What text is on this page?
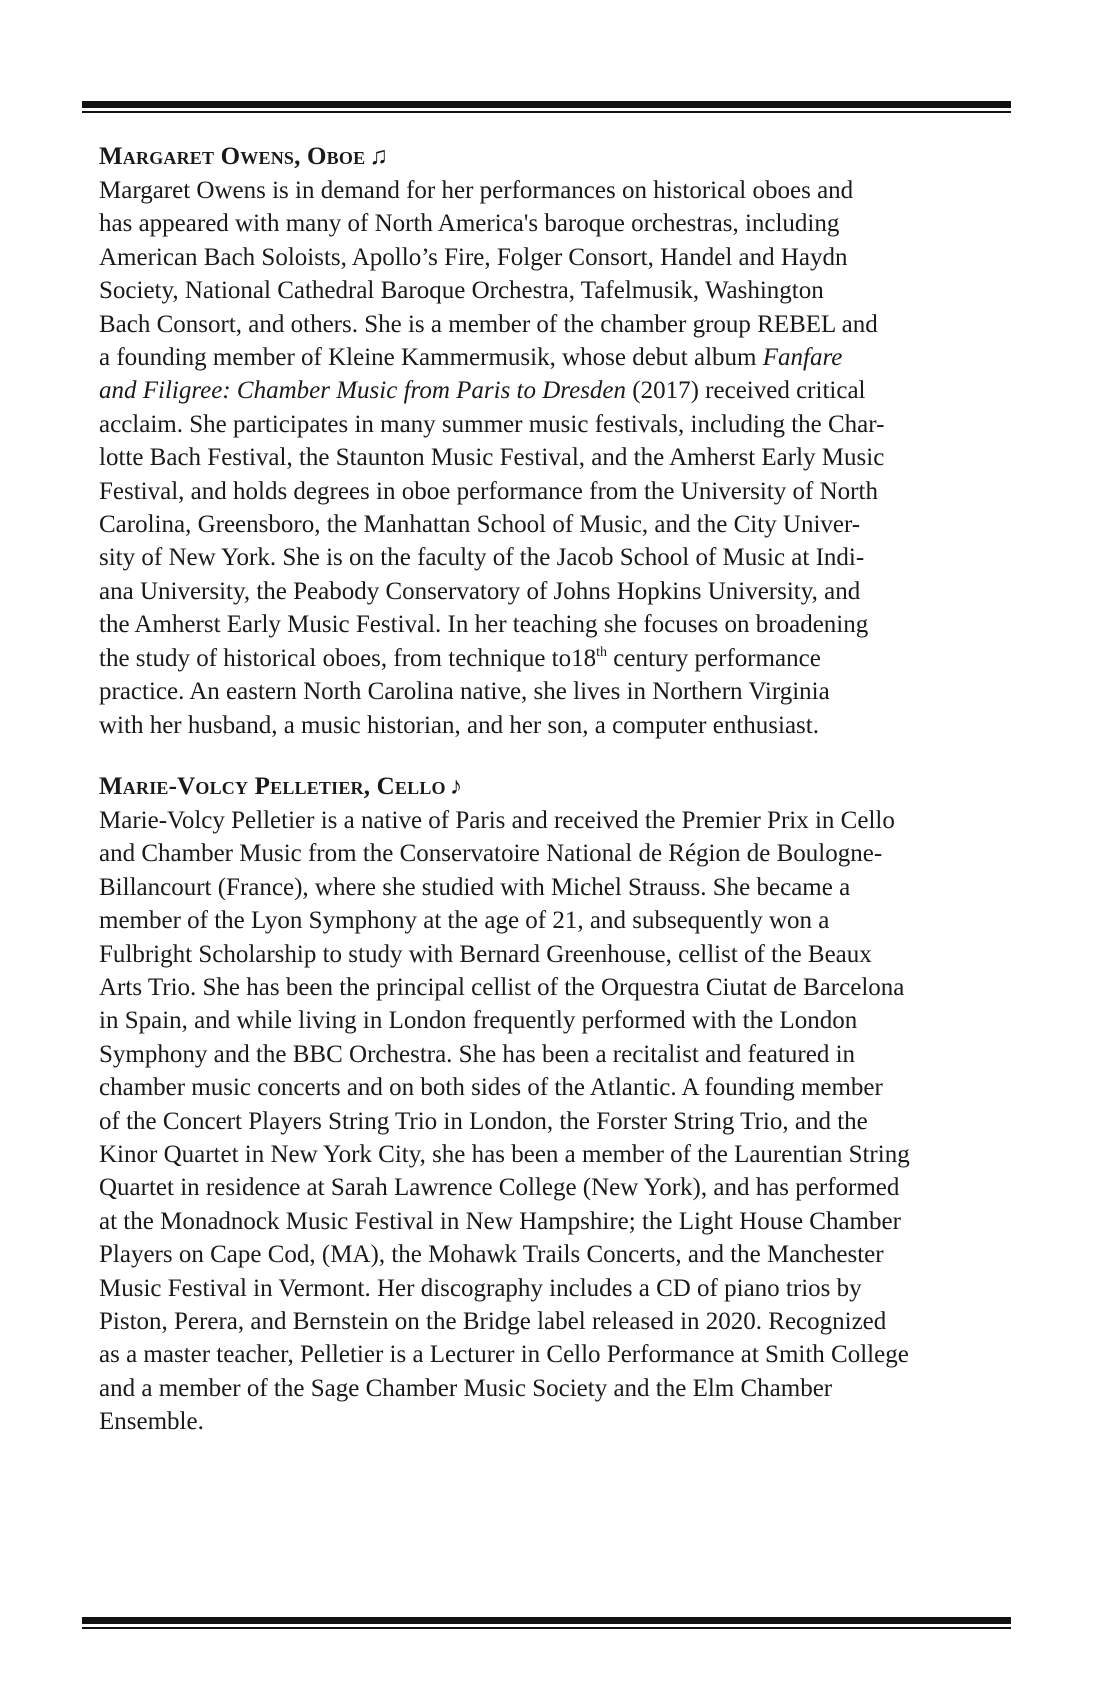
Margaret Owens, Oboe ♫

Margaret Owens is in demand for her performances on historical oboes and
has appeared with many of North America's baroque orchestras, including
American Bach Soloists, Apollo’s Fire, Folger Consort, Handel and Haydn
Society, National Cathedral Baroque Orchestra, Tafelmusik, Washington
Bach Consort, and others. She is a member of the chamber group REBEL and
a founding member of Kleine Kammermusik, whose debut album Fanfare
and Filigree: Chamber Music from Paris to Dresden (2017) received critical
acclaim. She participates in many summer music festivals, including the Char-
lotte Bach Festival, the Staunton Music Festival, and the Amherst Early Music
Festival, and holds degrees in oboe performance from the University of North
Carolina, Greensboro, the Manhattan School of Music, and the City Univer-
sity of New York. She is on the faculty of the Jacob School of Music at Indi-
ana University, the Peabody Conservatory of Johns Hopkins University, and
the Amherst Early Music Festival. In her teaching she focuses on broadening
the study of historical oboes, from technique to18th century performance
practice. An eastern North Carolina native, she lives in Northern Virginia
with her husband, a music historian, and her son, a computer enthusiast.

Marie-Volcy Pelletier, Cello ♪

Marie-Volcy Pelletier is a native of Paris and received the Premier Prix in Cello
and Chamber Music from the Conservatoire National de Région de Boulogne-
Billancourt (France), where she studied with Michel Strauss. She became a
member of the Lyon Symphony at the age of 21, and subsequently won a
Fulbright Scholarship to study with Bernard Greenhouse, cellist of the Beaux
Arts Trio. She has been the principal cellist of the Orquestra Ciutat de Barcelona
in Spain, and while living in London frequently performed with the London
Symphony and the BBC Orchestra. She has been a recitalist and featured in
chamber music concerts and on both sides of the Atlantic. A founding member
of the Concert Players String Trio in London, the Forster String Trio, and the
Kinor Quartet in New York City, she has been a member of the Laurentian String
Quartet in residence at Sarah Lawrence College (New York), and has performed
at the Monadnock Music Festival in New Hampshire; the Light House Chamber
Players on Cape Cod, (MA), the Mohawk Trails Concerts, and the Manchester
Music Festival in Vermont. Her discography includes a CD of piano trios by
Piston, Perera, and Bernstein on the Bridge label released in 2020. Recognized
as a master teacher, Pelletier is a Lecturer in Cello Performance at Smith College
and a member of the Sage Chamber Music Society and the Elm Chamber
Ensemble.
